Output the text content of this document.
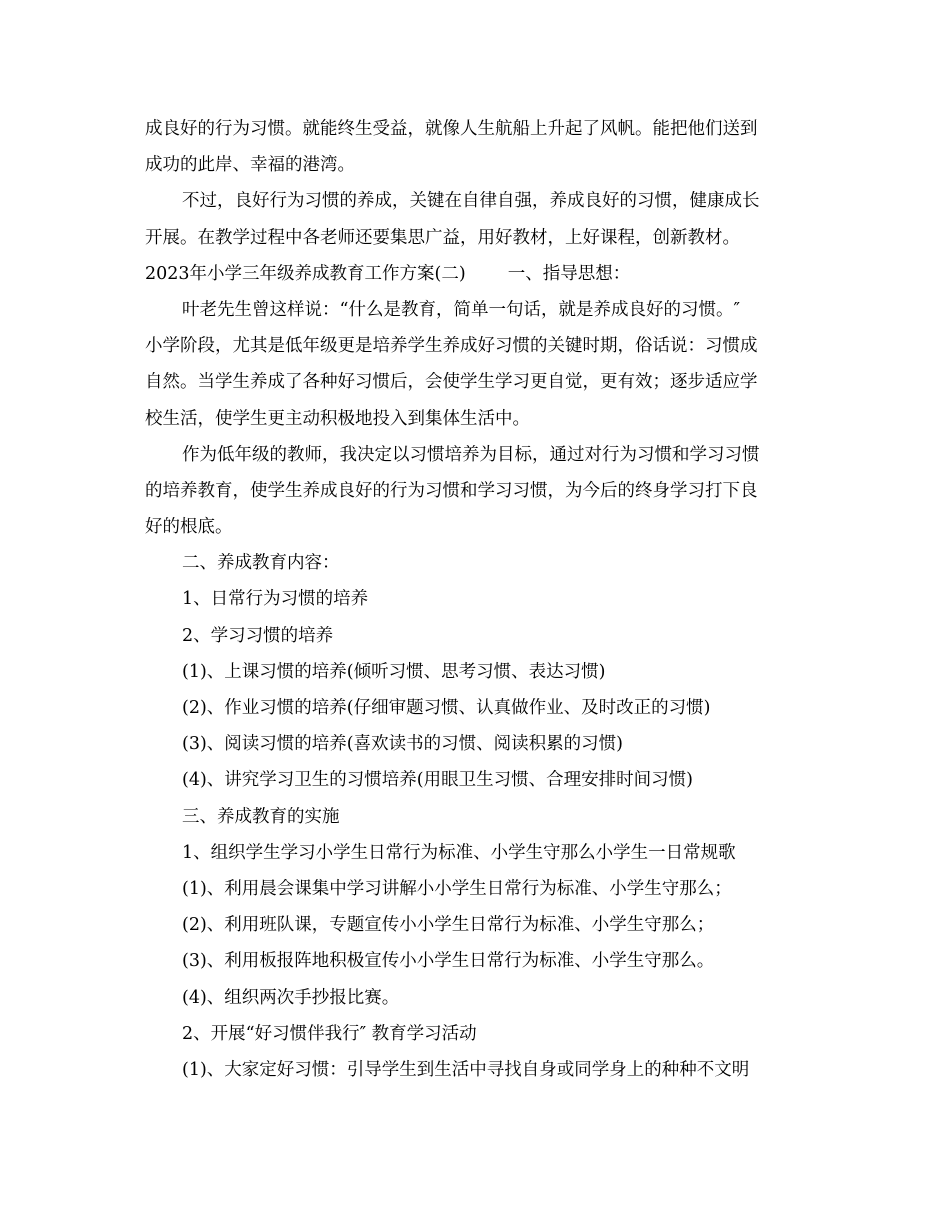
成良好的行为习惯。就能终生受益，就像人生航船上升起了风帆。能把他们送到
成功的此岸、幸福的港湾。
不过，良好行为习惯的养成，关键在自律自强，养成良好的习惯，健康成长
开展。在教学过程中各老师还要集思广益，用好教材，上好课程，创新教材。
2023年小学三年级养成教育工作方案(二) 一、指导思想：
叶老先生曾这样说：“什么是教育，简单一句话，就是养成良好的习惯。″
小学阶段，尤其是低年级更是培养学生养成好习惯的关键时期，俗话说：习惯成
自然。当学生养成了各种好习惯后，会使学生学习更自觉，更有效；逐步适应学
校生活，使学生更主动积极地投入到集体生活中。
作为低年级的教师，我决定以习惯培养为目标，通过对行为习惯和学习习惯
的培养教育，使学生养成良好的行为习惯和学习习惯，为今后的终身学习打下良
好的根底。
二、养成教育内容：
1、日常行为习惯的培养
2、学习习惯的培养
(1)、上课习惯的培养(倾听习惯、思考习惯、表达习惯)
(2)、作业习惯的培养(仔细审题习惯、认真做作业、及时改正的习惯)
(3)、阅读习惯的培养(喜欢读书的习惯、阅读积累的习惯)
(4)、讲究学习卫生的习惯培养(用眼卫生习惯、合理安排时间习惯)
三、养成教育的实施
1、组织学生学习小学生日常行为标准、小学生守那么小学生一日常规歌
(1)、利用晨会课集中学习讲解小小学生日常行为标准、小学生守那么；
(2)、利用班队课，专题宣传小小学生日常行为标准、小学生守那么；
(3)、利用板报阵地积极宣传小小学生日常行为标准、小学生守那么。
(4)、组织两次手抄报比赛。
2、开展“好习惯伴我行″ 教育学习活动
(1)、大家定好习惯：引导学生到生活中寻找自身或同学身上的种种不文明
